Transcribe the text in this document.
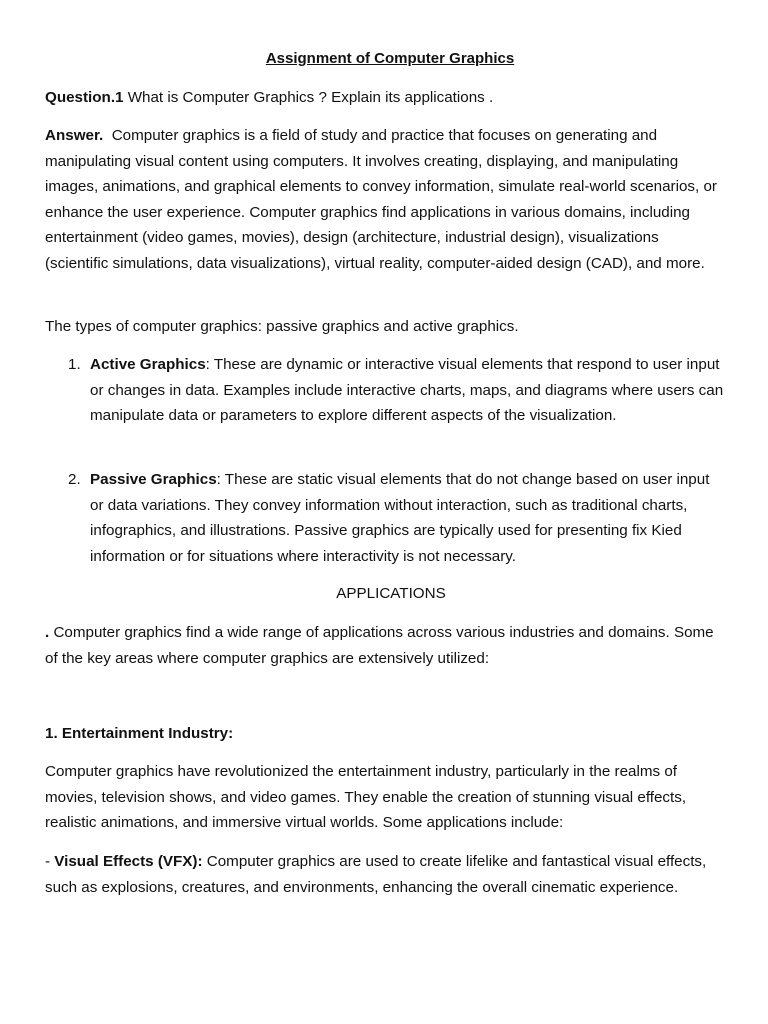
Assignment of Computer Graphics

Question.1 What is Computer Graphics ? Explain its applications .

Answer.  Computer graphics is a field of study and practice that focuses on generating and manipulating visual content using computers. It involves creating, displaying, and manipulating images, animations, and graphical elements to convey information, simulate real-world scenarios, or enhance the user experience. Computer graphics find applications in various domains, including entertainment (video games, movies), design (architecture, industrial design), visualizations (scientific simulations, data visualizations), virtual reality, computer-aided design (CAD), and more.

The types of computer graphics: passive graphics and active graphics.

1. Active Graphics: These are dynamic or interactive visual elements that respond to user input or changes in data. Examples include interactive charts, maps, and diagrams where users can manipulate data or parameters to explore different aspects of the visualization.
2. Passive Graphics: These are static visual elements that do not change based on user input or data variations. They convey information without interaction, such as traditional charts, infographics, and illustrations. Passive graphics are typically used for presenting fix Kied information or for situations where interactivity is not necessary.
APPLICATIONS

. Computer graphics find a wide range of applications across various industries and domains. Some of the key areas where computer graphics are extensively utilized:

1. Entertainment Industry:

Computer graphics have revolutionized the entertainment industry, particularly in the realms of movies, television shows, and video games. They enable the creation of stunning visual effects, realistic animations, and immersive virtual worlds. Some applications include:

- Visual Effects (VFX): Computer graphics are used to create lifelike and fantastical visual effects, such as explosions, creatures, and environments, enhancing the overall cinematic experience.
